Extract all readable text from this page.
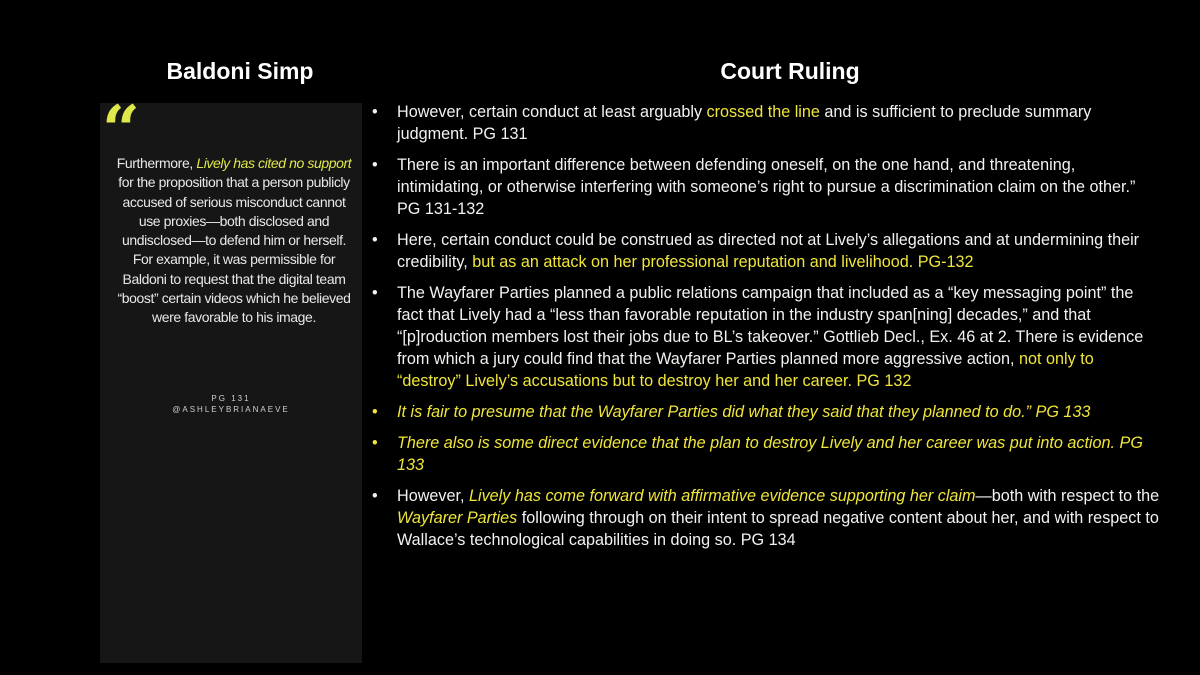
Baldoni Simp	Court Ruling
“
Furthermore, Lively has cited no support for the proposition that a person publicly accused of serious misconduct cannot use proxies—both disclosed and undisclosed—to defend him or herself. For example, it was permissible for Baldoni to request that the digital team “boost” certain videos which he believed were favorable to his image.
PG 131
@ASHLEYBRIANAEVE
• However, certain conduct at least arguably crossed the line and is sufficient to preclude summary judgment. PG 131
• There is an important difference between defending oneself, on the one hand, and threatening, intimidating, or otherwise interfering with someone’s right to pursue a discrimination claim on the other.” PG 131-132
• Here, certain conduct could be construed as directed not at Lively’s allegations and at undermining their credibility, but as an attack on her professional reputation and livelihood. PG-132
• The Wayfarer Parties planned a public relations campaign that included as a “key messaging point” the fact that Lively had a “less than favorable reputation in the industry span[ning] decades,” and that “[p]roduction members lost their jobs due to BL’s takeover.” Gottlieb Decl., Ex. 46 at 2. There is evidence from which a jury could find that the Wayfarer Parties planned more aggressive action, not only to “destroy” Lively’s accusations but to destroy her and her career. PG 132
• It is fair to presume that the Wayfarer Parties did what they said that they planned to do.” PG 133
• There also is some direct evidence that the plan to destroy Lively and her career was put into action. PG 133
• However, Lively has come forward with affirmative evidence supporting her claim—both with respect to the Wayfarer Parties following through on their intent to spread negative content about her, and with respect to Wallace’s technological capabilities in doing so. PG 134
